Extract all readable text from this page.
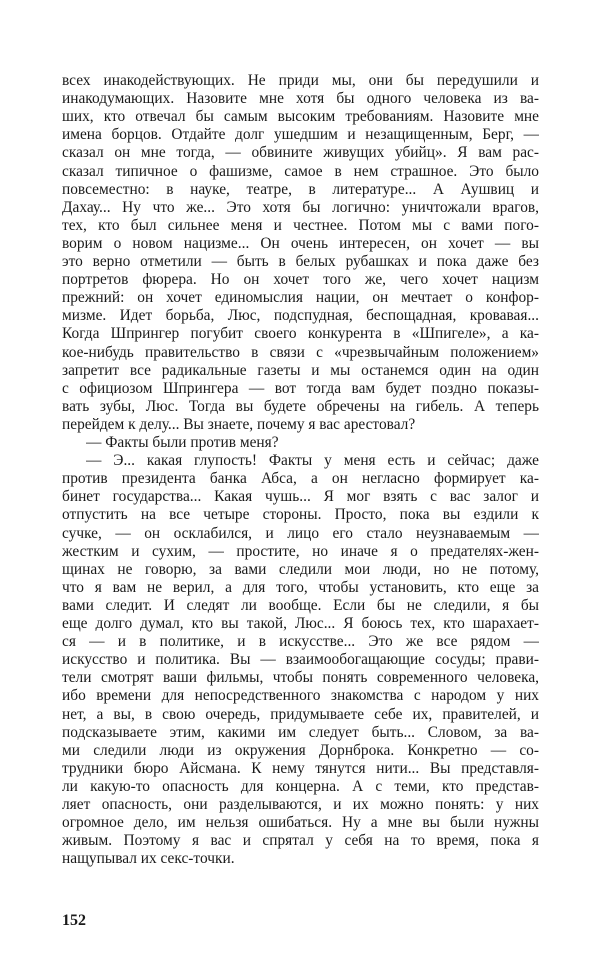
всех инакодействующих. Не приди мы, они бы передушили и
инакодумающих. Назовите мне хотя бы одного человека из ва-
ших, кто отвечал бы самым высоким требованиям. Назовите мне
имена борцов. Отдайте долг ушедшим и незащищенным, Берг, —
сказал он мне тогда, — обвините живущих убийц». Я вам рас-
сказал типичное о фашизме, самое в нем страшное. Это было
повсеместно: в науке, театре, в литературе... А Аушвиц и
Дахау... Ну что же... Это хотя бы логично: уничтожали врагов,
тех, кто был сильнее меня и честнее. Потом мы с вами пого-
ворим о новом нацизме... Он очень интересен, он хочет — вы
это верно отметили — быть в белых рубашках и пока даже без
портретов фюрера. Но он хочет того же, чего хочет нацизм
прежний: он хочет единомыслия нации, он мечтает о конфор-
мизме. Идет борьба, Люс, подспудная, беспощадная, кровавая...
Когда Шпрингер погубит своего конкурента в «Шпигеле», а ка-
кое-нибудь правительство в связи с «чрезвычайным положением»
запретит все радикальные газеты и мы останемся один на один
с официозом Шпрингера — вот тогда вам будет поздно показы-
вать зубы, Люс. Тогда вы будете обречены на гибель. А теперь
перейдем к делу... Вы знаете, почему я вас арестовал?
— Факты были против меня?
— Э... какая глупость! Факты у меня есть и сейчас; даже
против президента банка Абса, а он негласно формирует ка-
бинет государства... Какая чушь... Я мог взять с вас залог и
отпустить на все четыре стороны. Просто, пока вы ездили к
сучке, — он осклабился, и лицо его стало неузнаваемым —
жестким и сухим, — простите, но иначе я о предателях-жен-
щинах не говорю, за вами следили мои люди, но не потому,
что я вам не верил, а для того, чтобы установить, кто еще за
вами следит. И следят ли вообще. Если бы не следили, я бы
еще долго думал, кто вы такой, Люс... Я боюсь тех, кто шарахает-
ся — и в политике, и в искусстве... Это же все рядом —
искусство и политика. Вы — взаимообогащающие сосуды; прави-
тели смотрят ваши фильмы, чтобы понять современного человека,
ибо времени для непосредственного знакомства с народом у них
нет, а вы, в свою очередь, придумываете себе их, правителей, и
подсказываете этим, какими им следует быть... Словом, за ва-
ми следили люди из окружения Дорнброка. Конкретно — со-
трудники бюро Айсмана. К нему тянутся нити... Вы представля-
ли какую-то опасность для концерна. А с теми, кто представ-
ляет опасность, они разделываются, и их можно понять: у них
огромное дело, им нельзя ошибаться. Ну а мне вы были нужны
живым. Поэтому я вас и спрятал у себя на то время, пока я
нащупывал их секс-точки.
152
